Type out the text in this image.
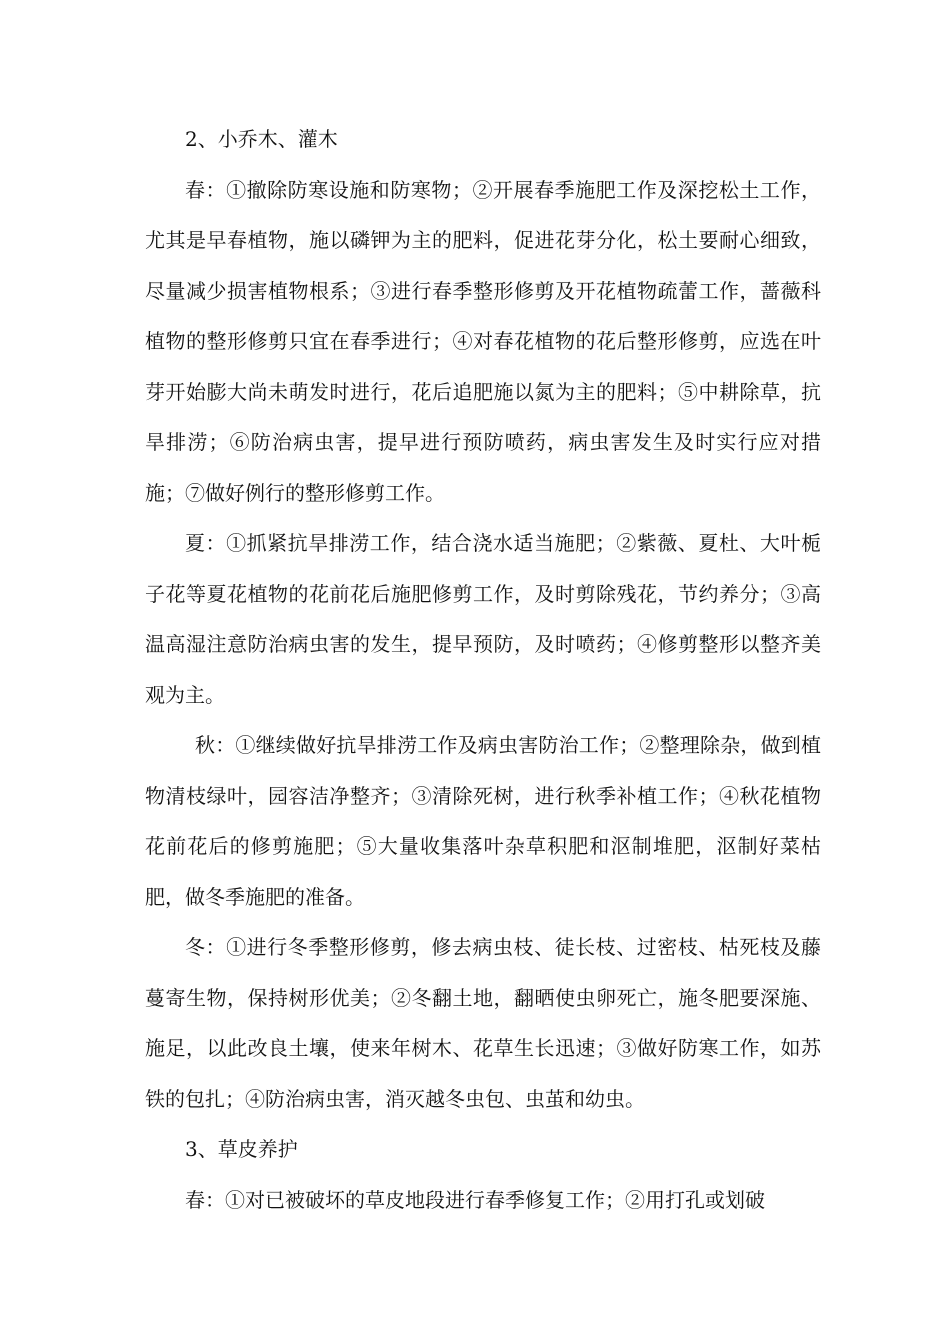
2、小乔木、灌木

春：①撤除防寒设施和防寒物；②开展春季施肥工作及深挖松土工作，尤其是早春植物，施以磷钾为主的肥料，促进花芽分化，松土要耐心细致，尽量减少损害植物根系；③进行春季整形修剪及开花植物疏蕾工作，蔷薇科植物的整形修剪只宜在春季进行；④对春花植物的花后整形修剪，应选在叶芽开始膨大尚未萌发时进行，花后追肥施以氮为主的肥料；⑤中耕除草，抗旱排涝；⑥防治病虫害，提早进行预防喷药，病虫害发生及时实行应对措施；⑦做好例行的整形修剪工作。

夏：①抓紧抗旱排涝工作，结合浇水适当施肥；②紫薇、夏杜、大叶栀子花等夏花植物的花前花后施肥修剪工作，及时剪除残花，节约养分；③高温高湿注意防治病虫害的发生，提早预防，及时喷药；④修剪整形以整齐美观为主。

秋：①继续做好抗旱排涝工作及病虫害防治工作；②整理除杂，做到植物清枝绿叶，园容洁净整齐；③清除死树，进行秋季补植工作；④秋花植物花前花后的修剪施肥；⑤大量收集落叶杂草积肥和沤制堆肥，沤制好菜枯肥，做冬季施肥的准备。

冬：①进行冬季整形修剪，修去病虫枝、徒长枝、过密枝、枯死枝及藤蔓寄生物，保持树形优美；②冬翻土地，翻晒使虫卵死亡，施冬肥要深施、施足，以此改良土壤，使来年树木、花草生长迅速；③做好防寒工作，如苏铁的包扎；④防治病虫害，消灭越冬虫包、虫茧和幼虫。

3、草皮养护

春：①对已被破坏的草皮地段进行春季修复工作；②用打孔或划破
